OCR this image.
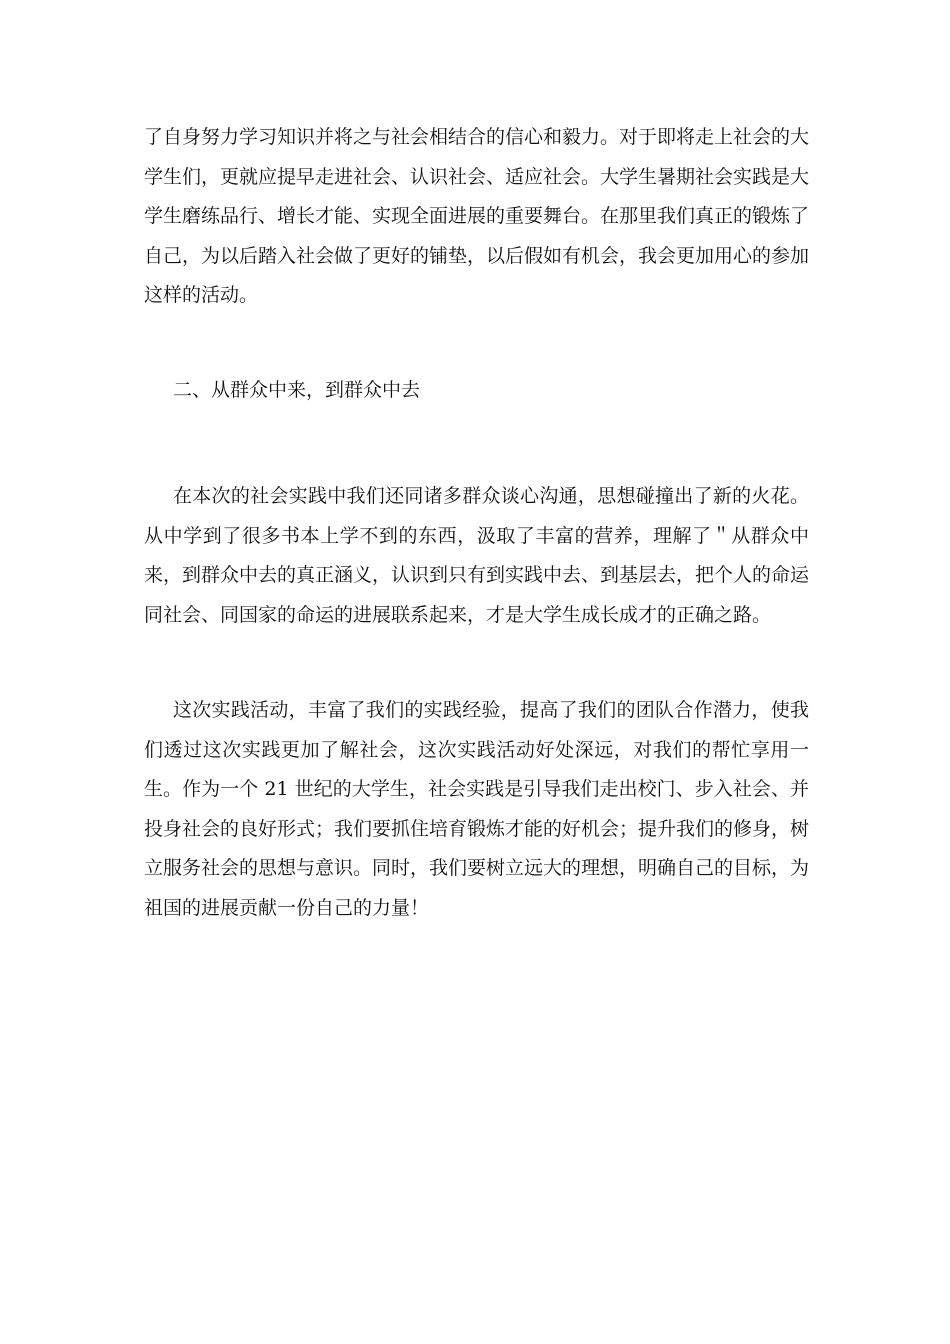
了自身努力学习知识并将之与社会相结合的信心和毅力。对于即将走上社会的大学生们，更就应提早走进社会、认识社会、适应社会。大学生暑期社会实践是大学生磨练品行、增长才能、实现全面进展的重要舞台。在那里我们真正的锻炼了自己，为以后踏入社会做了更好的铺垫，以后假如有机会，我会更加用心的参加这样的活动。
二、从群众中来，到群众中去
在本次的社会实践中我们还同诸多群众谈心沟通，思想碰撞出了新的火花。从中学到了很多书本上学不到的东西，汲取了丰富的营养，理解了＂从群众中来，到群众中去的真正涵义，认识到只有到实践中去、到基层去，把个人的命运同社会、同国家的命运的进展联系起来，才是大学生成长成才的正确之路。
这次实践活动，丰富了我们的实践经验，提高了我们的团队合作潜力，使我们透过这次实践更加了解社会，这次实践活动好处深远，对我们的帮忙享用一生。作为一个 21 世纪的大学生，社会实践是引导我们走出校门、步入社会、并投身社会的良好形式；我们要抓住培育锻炼才能的好机会；提升我们的修身，树立服务社会的思想与意识。同时，我们要树立远大的理想，明确自己的目标，为祖国的进展贡献一份自己的力量！
